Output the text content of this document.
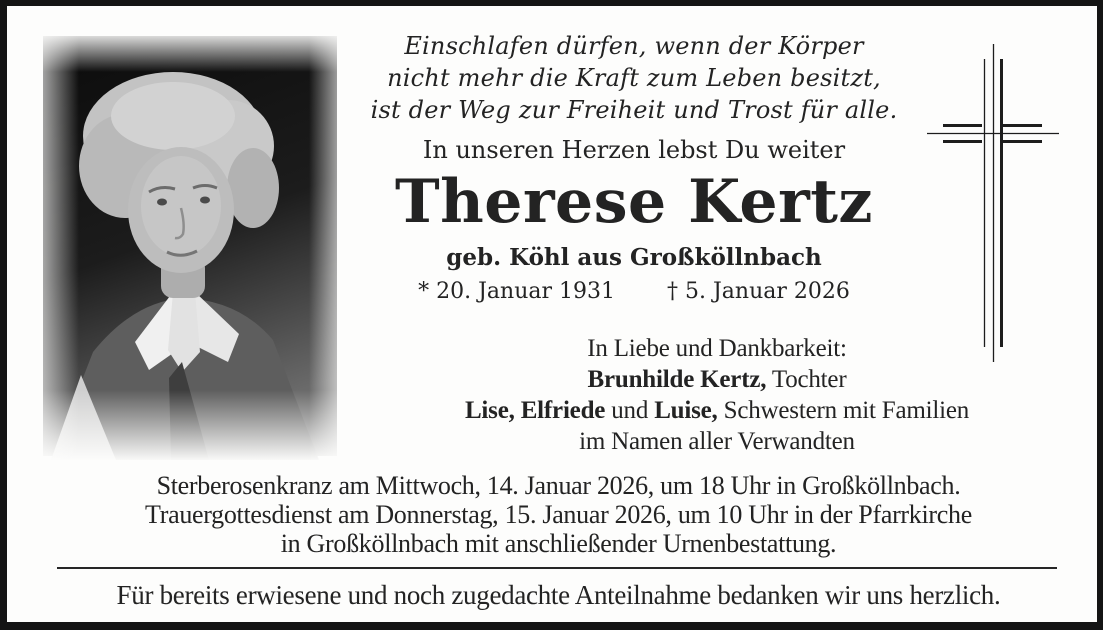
Einschlafen dürfen, wenn der Körper
nicht mehr die Kraft zum Leben besitzt,
ist der Weg zur Freiheit und Trost für alle.
In unseren Herzen lebst Du weiter
Therese Kertz
geb. Köhl aus Großköllnbach
* 20. Januar 1931 † 5. Januar 2026
In Liebe und Dankbarkeit:
Brunhilde Kertz, Tochter
Lise, Elfriede und Luise, Schwestern mit Familien
im Namen aller Verwandten
Sterberosenkranz am Mittwoch, 14. Januar 2026, um 18 Uhr in Großköllnbach.
Trauergottesdienst am Donnerstag, 15. Januar 2026, um 10 Uhr in der Pfarrkirche
in Großköllnbach mit anschließender Urnenbestattung.
Für bereits erwiesene und noch zugedachte Anteilnahme bedanken wir uns herzlich.
